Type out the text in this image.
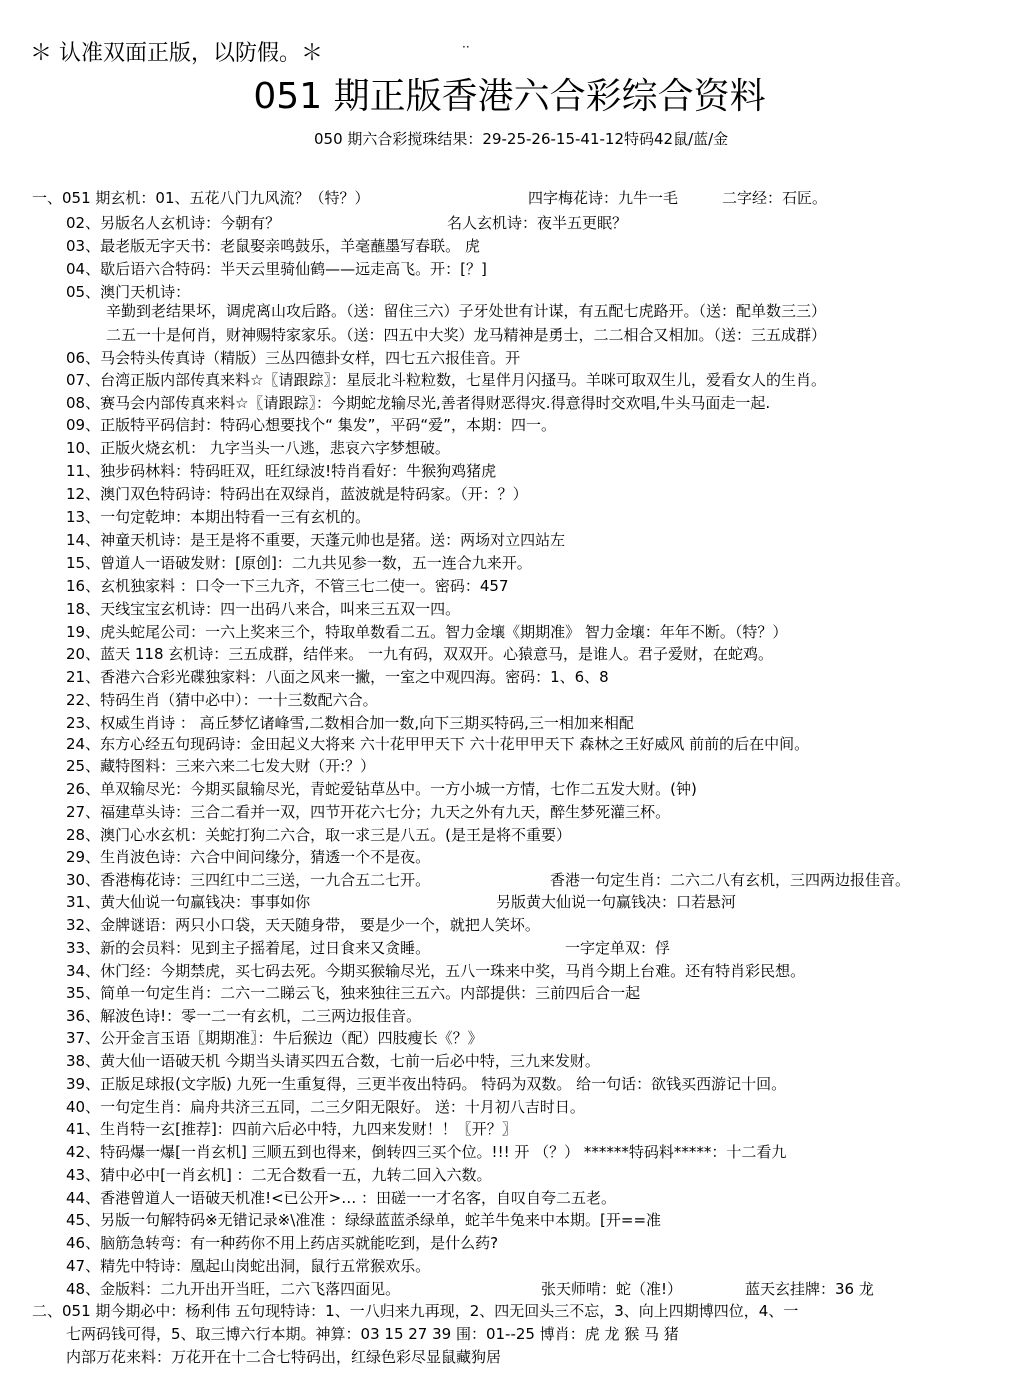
＊ 认准双面正版，以防假。＊	··
051 期正版香港六合彩综合资料
050 期六合彩搅珠结果：29-25-26-15-41-12特码42鼠/蓝/金
一、051 期玄机：01、五花八门九风流？（特？）	四字梅花诗：九牛一毛	二字经：石匠。
02、另版名人玄机诗：今朝有？	名人玄机诗：夜半五更眠？
03、最老版无字天书：老鼠娶亲鸣鼓乐，羊毫蘸墨写春联。 虎
04、歇后语六合特码：半天云里骑仙鹤——远走高飞。开：[？]
05、澳门天机诗：
辛勤到老结果坏，调虎离山攻后路。（送：留住三六）子牙处世有计谋，有五配七虎路开。（送：配单数三三）
二五一十是何肖，财神赐特家家乐。（送：四五中大奖）龙马精神是勇士，二二相合又相加。（送：三五成群）
06、马会特头传真诗（精版）三丛四德卦女样，四七五六报佳音。开
07、台湾正版内部传真来料☆〖请跟踪〗：星辰北斗粒粒数，七星伴月闪搔马。羊咪可取双生儿，爱看女人的生肖。
08、赛马会内部传真来料☆〖请跟踪〗：今期蛇龙输尽光,善者得财恶得灾.得意得时交欢唱,牛头马面走一起.
09、正版特平码信封：特码心想要找个“ 集发”，平码“爱”，本期：四一。
10、正版火烧玄机： 九字当头一八逃，悲哀六字梦想破。
11、独步码林料：特码旺双，旺红绿波!特肖看好：牛猴狗鸡猪虎
12、澳门双色特码诗：特码出在双绿肖，蓝波就是特码家。（开：？）
13、一句定乾坤：本期出特看一三有玄机的。
14、神童天机诗：是王是将不重要，天蓬元帅也是猪。送：两场对立四站左
15、曾道人一语破发财：[原创]：二九共见参一数，五一连合九来开。
16、玄机独家料 ：口令一下三九齐，不管三七二使一。密码：457
18、天线宝宝玄机诗：四一出码八来合，叫来三五双一四。
19、虎头蛇尾公司：一六上奖来三个，特取单数看二五。智力金壤《期期准》 智力金壤：年年不断。（特？）
20、蓝天 118 玄机诗：三五成群，结伴来。 一九有码，双双开。心猿意马，是谁人。君子爱财，在蛇鸡。
21、香港六合彩光碟独家料：八面之风来一撇，一室之中观四海。密码：1、6、8
22、特码生肖（猜中必中）：一十三数配六合。
23、权威生肖诗 ： 高丘梦忆诸峰雪,二数相合加一数,向下三期买特码,三一相加来相配
24、东方心经五句现码诗：金田起义大将来 六十花甲甲天下 六十花甲甲天下 森林之王好威风 前前的后在中间。
25、藏特图料：三来六来二七发大财（开:？）
26、单双输尽光：今期买鼠输尽光，青蛇爱钻草丛中。一方小城一方情，七作二五发大财。(钟)
27、福建草头诗：三合二看并一双，四节开花六七分；九天之外有九天，醉生梦死灌三杯。
28、澳门心水玄机：关蛇打狗二六合，取一求三是八五。(是王是将不重要）
29、生肖波色诗：六合中间问缘分，猜透一个不是夜。
30、香港梅花诗：三四红中二三送，一九合五二七开。	香港一句定生肖：二六二八有玄机，三四两边报佳音。
31、黄大仙说一句赢钱决：事事如你	另版黄大仙说一句赢钱决：口若悬河
32、金牌谜语：两只小口袋，天天随身带， 要是少一个，就把人笑坏。
33、新的会员料：见到主子摇着尾，过日食来又贪睡。	一字定单双：俘
34、休门经：今期禁虎，买七码去死。今期买猴输尽光，五八一珠来中奖，马肖今期上台难。还有特肖彩民想。
35、简单一句定生肖：二六一二睇云飞，独来独往三五六。内部提供：三前四后合一起
36、解波色诗!：零一二一有玄机，二三两边报佳音。
37、公开金言玉语〖期期准〗：牛后猴边（配）四肢瘦长《？》
38、黄大仙一语破天机 今期当头请买四五合数，七前一后必中特，三九来发财。
39、正版足球报(文字版) 九死一生重复得，三更半夜出特码。 特码为双数。 给一句话：欲钱买西游记十回。
40、一句定生肖：扁舟共济三五同，二三夕阳无限好。 送：十月初八吉时日。
41、生肖特一玄[推荐]：四前六后必中特，九四来发财！！〖开？〗
42、特码爆一爆[一肖玄机] 三顺五到也得来，倒转四三买个位。!!! 开 （？） ******特码料*****：十二看九
43、猜中必中[一肖玄机] ：二无合数看一五，九转二回入六数。
44、香港曾道人一语破天机准!<已公开>… ：田磋一一才名客，自叹自夸二五老。
45、另版一句解特码※无错记录※\准准 ：绿绿蓝蓝杀绿单，蛇羊牛兔来中本期。[开==准
46、脑筋急转弯：有一种药你不用上药店买就能吃到，是什么药?
47、精先中特诗：凰起山岗蛇出洞，鼠行五常猴欢乐。
48、金版料：二九开出开当旺，二六飞落四面见。	张天师啃：蛇（准!）	蓝天玄挂牌：36 龙
二、051 期今期必中：杨利伟 五句现特诗：1、一八归来九再现，2、四无回头三不忘，3、向上四期博四位，4、一
七两码钱可得，5、取三博六行本期。神算：03 15 27 39 围：01--25 博肖：虎 龙 猴 马 猪
内部万花来料：万花开在十二合七特码出，红绿色彩尽显鼠藏狗居
